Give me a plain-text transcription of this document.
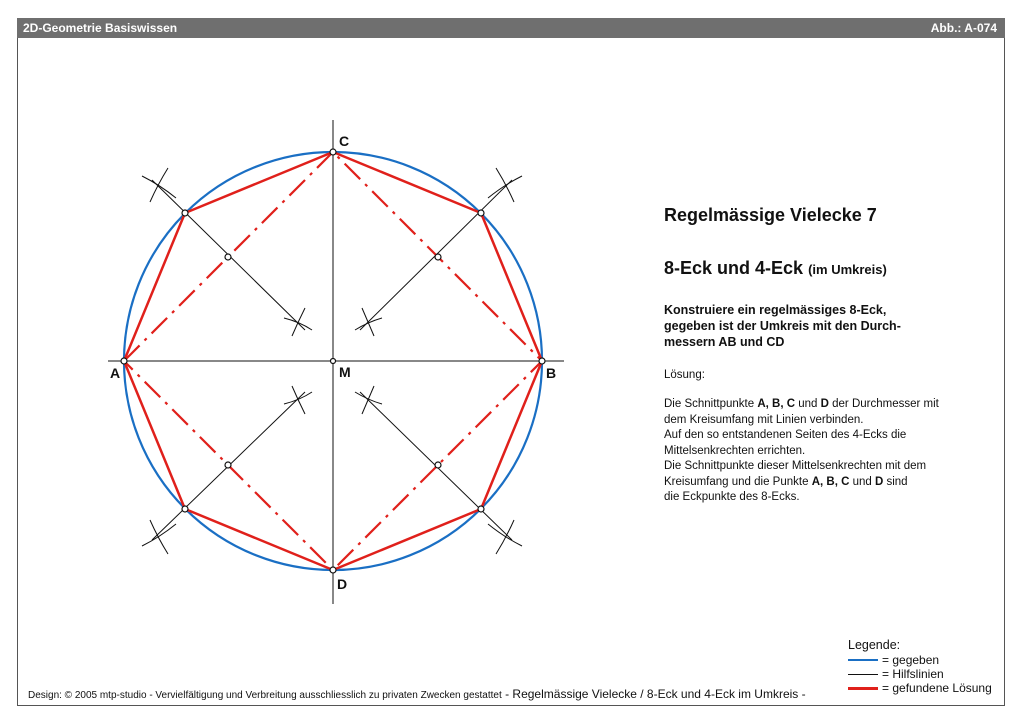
2D-Geometrie Basiswissen	Abb.: A-074
A	B
C
D
M
Regelmässige Vielecke 7
8-Eck und 4-Eck (im Umkreis)
Konstruiere ein regelmässiges 8-Eck,
gegeben ist der Umkreis mit den Durch-
messern AB und CD
Lösung:
Die Schnittpunkte A, B, C und D der Durchmesser mit
dem Kreisumfang mit Linien verbinden.
Auf den so entstandenen Seiten des 4-Ecks die
Mittelsenkrechten errichten.
Die Schnittpunkte dieser Mittelsenkrechten mit dem
Kreisumfang und die Punkte A, B, C und D sind
die Eckpunkte des 8-Ecks.
Legende:
= gegeben
= Hilfslinien
= gefundene Lösung
Design: © 2005 mtp-studio - Vervielfältigung und Verbreitung ausschliesslich zu privaten Zwecken gestattet - Regelmässige Vielecke / 8-Eck und 4-Eck im Umkreis -
